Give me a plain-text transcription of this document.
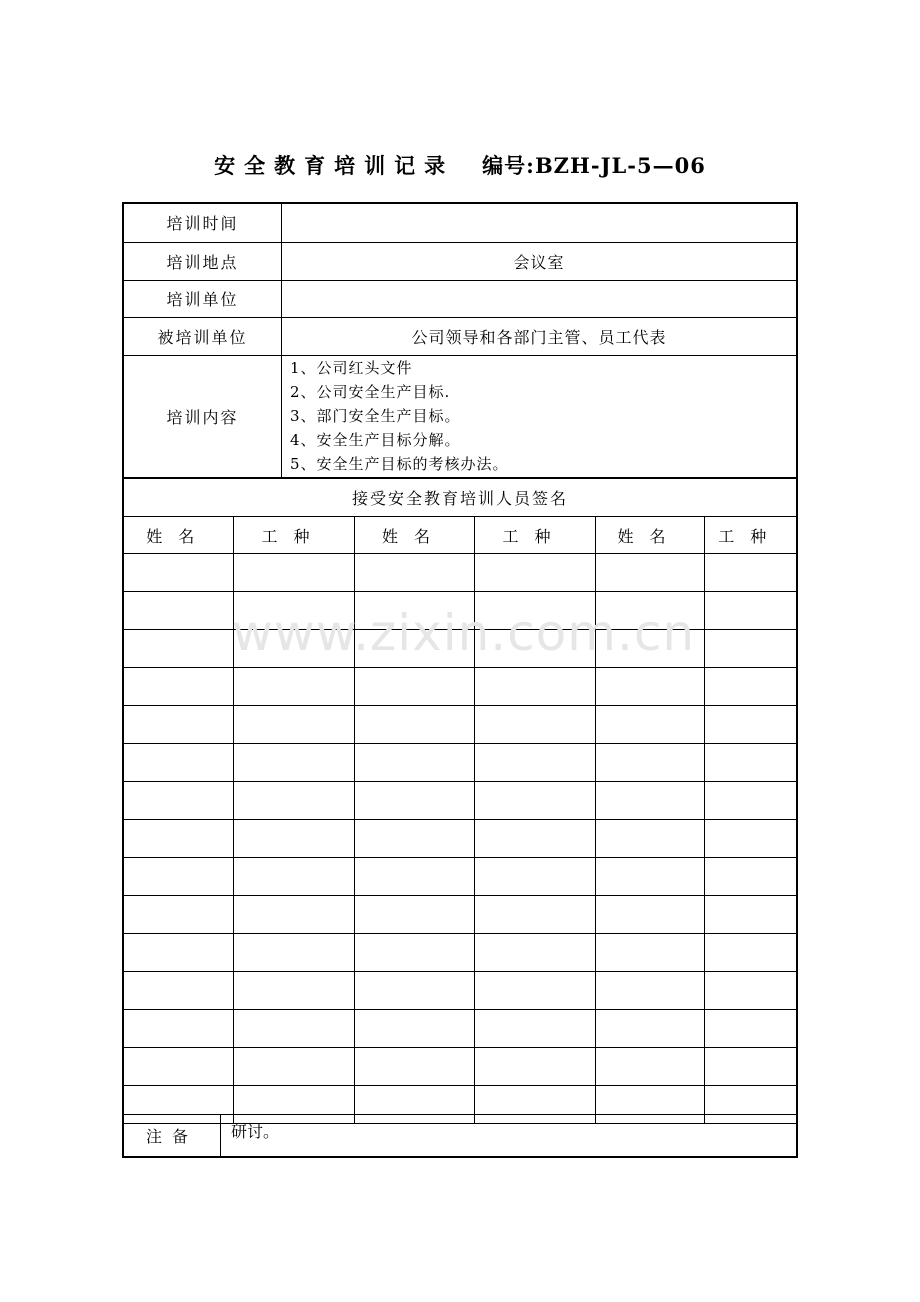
安全教育培训记录 编号:BZH-JL-5—06
培训时间	
培训地点	会议室
培训单位	
被培训单位	公司领导和各部门主管、员工代表
培训内容	1、公司红头文件
2、公司安全生产目标.
3、部门安全生产目标。
4、安全生产目标分解。
5、安全生产目标的考核办法。
接受安全教育培训人员签名					
姓名	工种	姓名	工种	姓名	工种

注备	研讨。
www.zixin.com.cn
